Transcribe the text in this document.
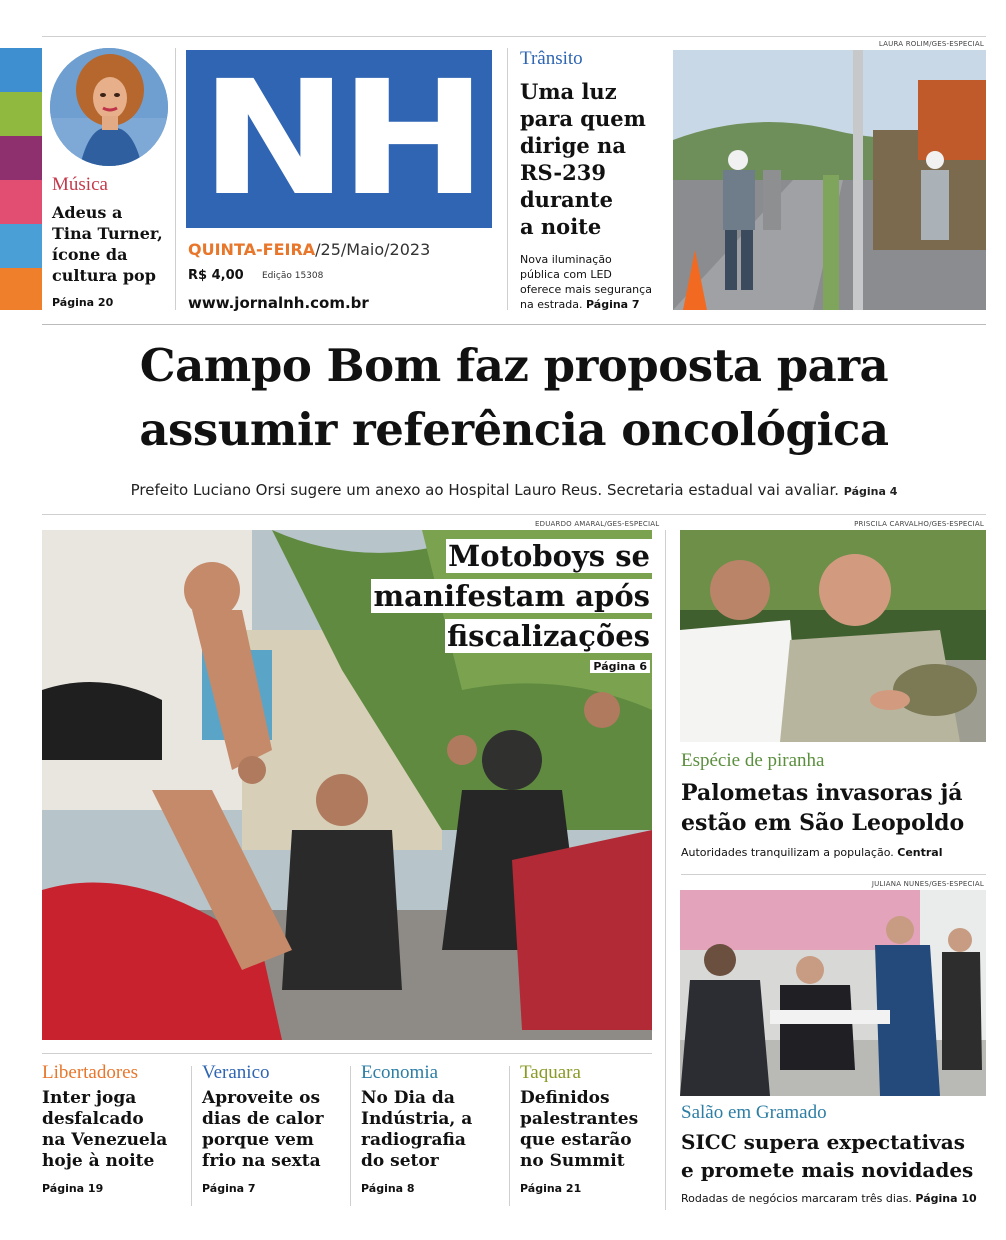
Música
Adeus a
Tina Turner,
ícone da
cultura pop
Página 20
NH
QUINTA-FEIRA/25/Maio/2023
R$ 4,00 Edição 15308
www.jornalnh.com.br
Trânsito
Uma luz
para quem
dirige na
RS-239
durante
a noite
Nova iluminação
pública com LED
oferece mais segurança
na estrada. Página 7
LAURA ROLIM/GES-ESPECIAL
Campo Bom faz proposta para
assumir referência oncológica
Prefeito Luciano Orsi sugere um anexo ao Hospital Lauro Reus. Secretaria estadual vai avaliar. Página 4
EDUARDO AMARAL/GES-ESPECIAL
Motoboys se
manifestam após
fiscalizações
Página 6
PRISCILA CARVALHO/GES-ESPECIAL
Espécie de piranha
Palometas invasoras já
estão em São Leopoldo
Autoridades tranquilizam a população. Central
JULIANA NUNES/GES-ESPECIAL
Salão em Gramado
SICC supera expectativas
e promete mais novidades
Rodadas de negócios marcaram três dias. Página 10
Libertadores
Inter joga
desfalcado
na Venezuela
hoje à noite
Página 19
Veranico
Aproveite os
dias de calor
porque vem
frio na sexta
Página 7
Economia
No Dia da
Indústria, a
radiografia
do setor
Página 8
Taquara
Definidos
palestrantes
que estarão
no Summit
Página 21
